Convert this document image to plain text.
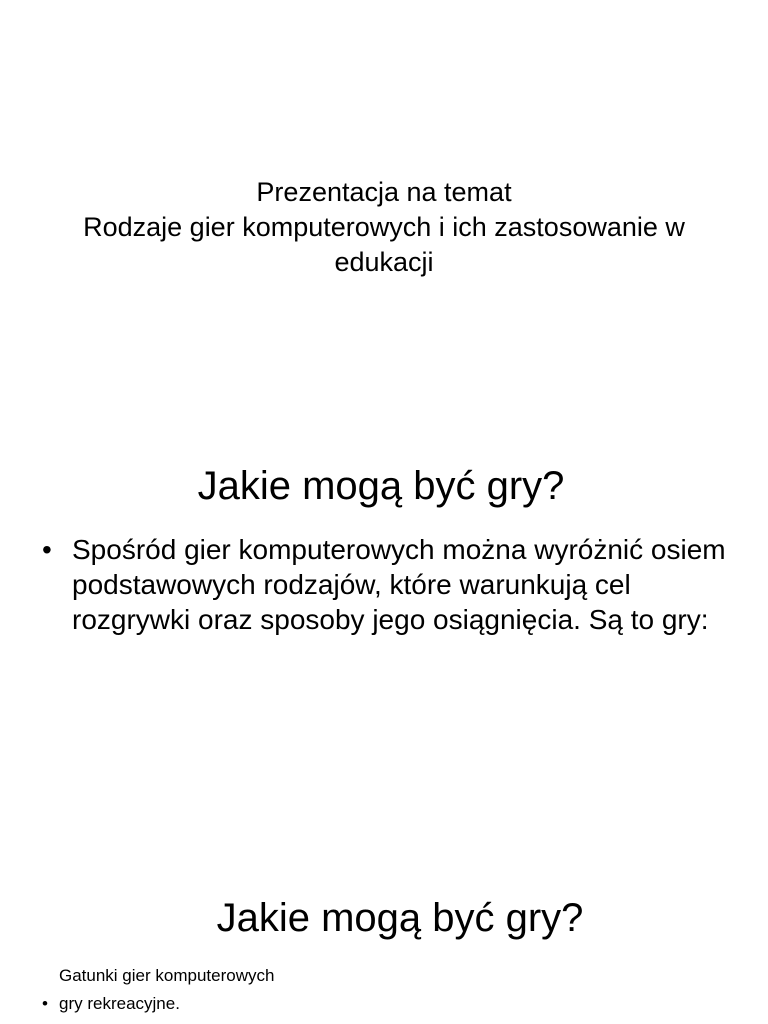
Prezentacja na temat
Rodzaje gier komputerowych i ich zastosowanie w
edukacji
Jakie mogą być gry?
• Spośród gier komputerowych można wyróżnić osiem podstawowych rodzajów, które warunkują cel rozgrywki oraz sposoby jego osiągnięcia. Są to gry:
Jakie mogą być gry?
Gatunki gier komputerowych
• gry rekreacyjne.
